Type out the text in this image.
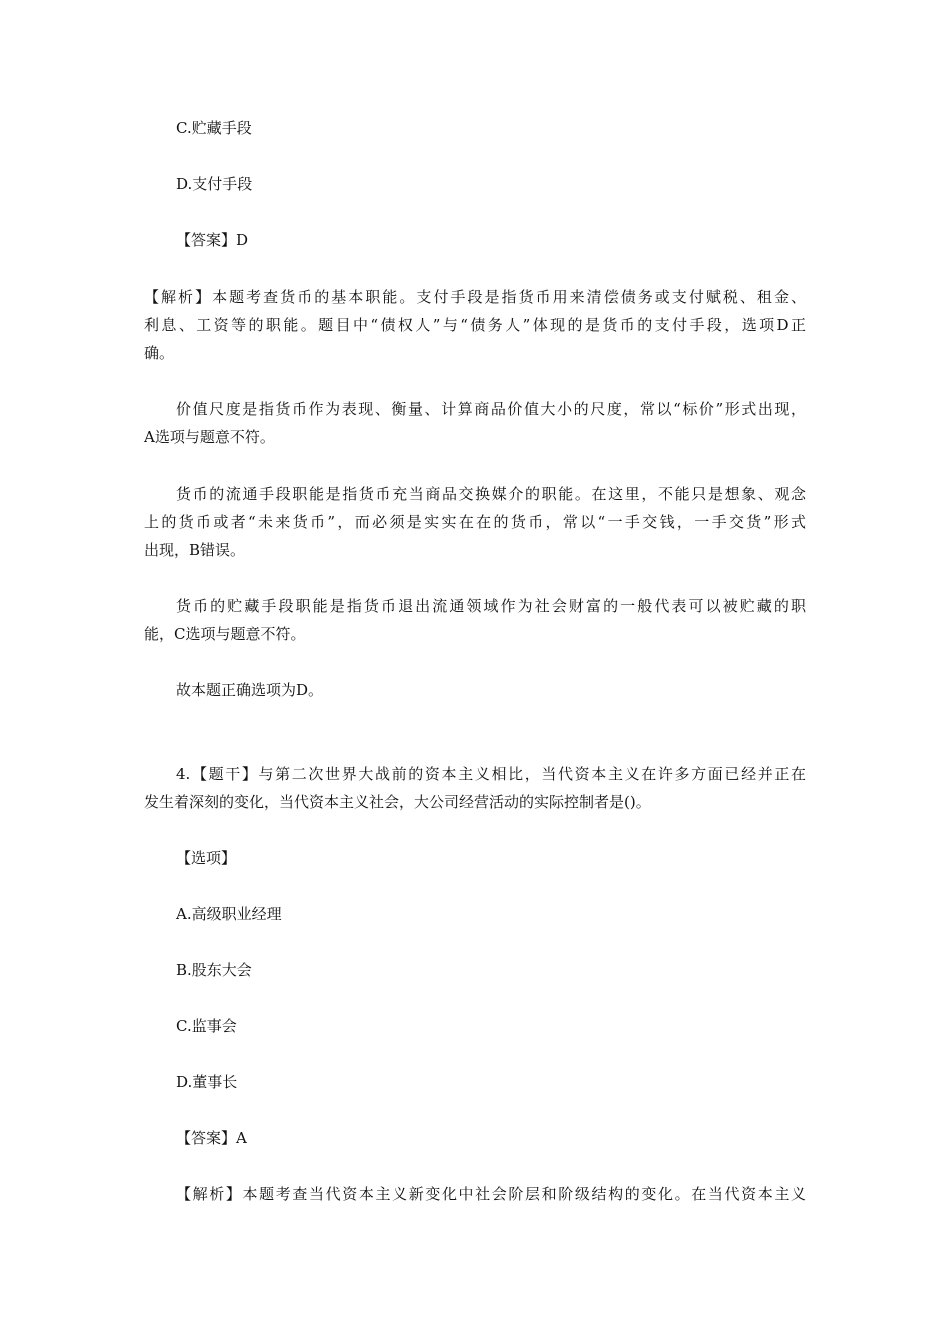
C.贮藏手段

D.支付手段

【答案】D

【解析】本题考查货币的基本职能。支付手段是指货币用来清偿债务或支付赋税、租金、

利息、工资等的职能。题目中“债权人”与“债务人”体现的是货币的支付手段，选项D正

确。

价值尺度是指货币作为表现、衡量、计算商品价值大小的尺度，常以“标价”形式出现，

A选项与题意不符。

货币的流通手段职能是指货币充当商品交换媒介的职能。在这里，不能只是想象、观念

上的货币或者“未来货币”，而必须是实实在在的货币，常以“一手交钱，一手交货”形式

出现，B错误。

货币的贮藏手段职能是指货币退出流通领域作为社会财富的一般代表可以被贮藏的职

能，C选项与题意不符。

故本题正确选项为D。

4.【题干】与第二次世界大战前的资本主义相比，当代资本主义在许多方面已经并正在

发生着深刻的变化，当代资本主义社会，大公司经营活动的实际控制者是()。

【选项】

A.高级职业经理

B.股东大会

C.监事会

D.董事长

【答案】A

【解析】本题考查当代资本主义新变化中社会阶层和阶级结构的变化。在当代资本主义
